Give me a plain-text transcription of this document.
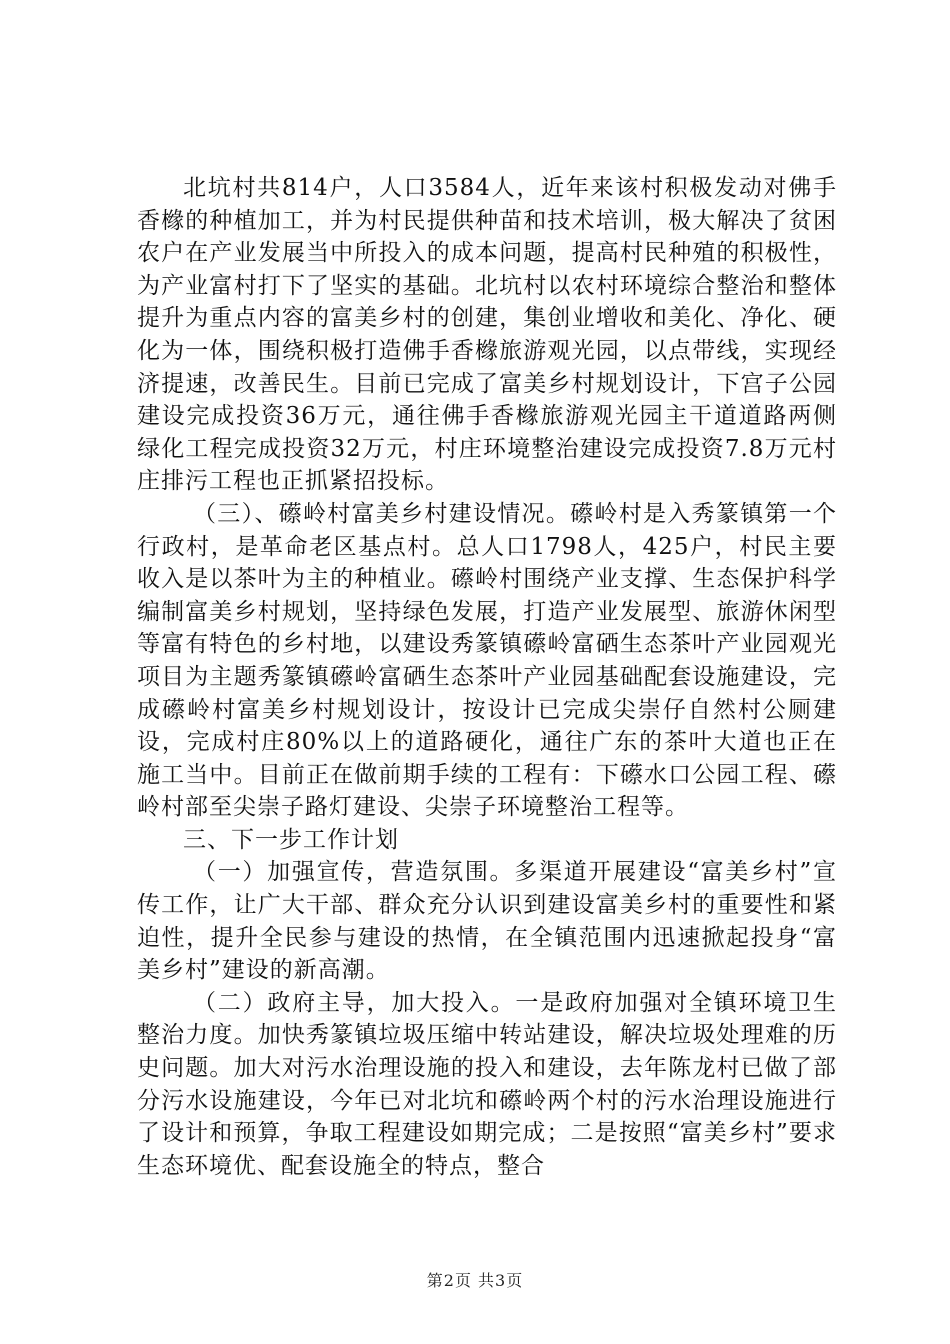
北坑村共814户，人口3584人，近年来该村积极发动对佛手香橼的种植加工，并为村民提供种苗和技术培训，极大解决了贫困农户在产业发展当中所投入的成本问题，提高村民种殖的积极性，为产业富村打下了坚实的基础。北坑村以农村环境综合整治和整体提升为重点内容的富美乡村的创建，集创业增收和美化、净化、硬化为一体，围绕积极打造佛手香橼旅游观光园，以点带线，实现经济提速，改善民生。目前已完成了富美乡村规划设计，下宫子公园建设完成投资36万元，通往佛手香橼旅游观光园主干道道路两侧绿化工程完成投资32万元，村庄环境整治建设完成投资7.8万元村庄排污工程也正抓紧招投标。

（三）、礤岭村富美乡村建设情况。礤岭村是入秀篆镇第一个行政村，是革命老区基点村。总人口1798人，425户，村民主要收入是以茶叶为主的种植业。礤岭村围绕产业支撑、生态保护科学编制富美乡村规划，坚持绿色发展，打造产业发展型、旅游休闲型等富有特色的乡村地，以建设秀篆镇礤岭富硒生态茶叶产业园观光项目为主题秀篆镇礤岭富硒生态茶叶产业园基础配套设施建设，完成礤岭村富美乡村规划设计，按设计已完成尖崇仔自然村公厕建设，完成村庄80%以上的道路硬化，通往广东的茶叶大道也正在施工当中。目前正在做前期手续的工程有：下礤水口公园工程、礤岭村部至尖崇子路灯建设、尖崇子环境整治工程等。

三、下一步工作计划

（一）加强宣传，营造氛围。多渠道开展建设“富美乡村”宣传工作，让广大干部、群众充分认识到建设富美乡村的重要性和紧迫性，提升全民参与建设的热情，在全镇范围内迅速掀起投身“富美乡村”建设的新高潮。

（二）政府主导，加大投入。一是政府加强对全镇环境卫生整治力度。加快秀篆镇垃圾压缩中转站建设，解决垃圾处理难的历史问题。加大对污水治理设施的投入和建设，去年陈龙村已做了部分污水设施建设，今年已对北坑和礤岭两个村的污水治理设施进行了设计和预算，争取工程建设如期完成；二是按照“富美乡村”要求生态环境优、配套设施全的特点，整合

第2页 共3页
